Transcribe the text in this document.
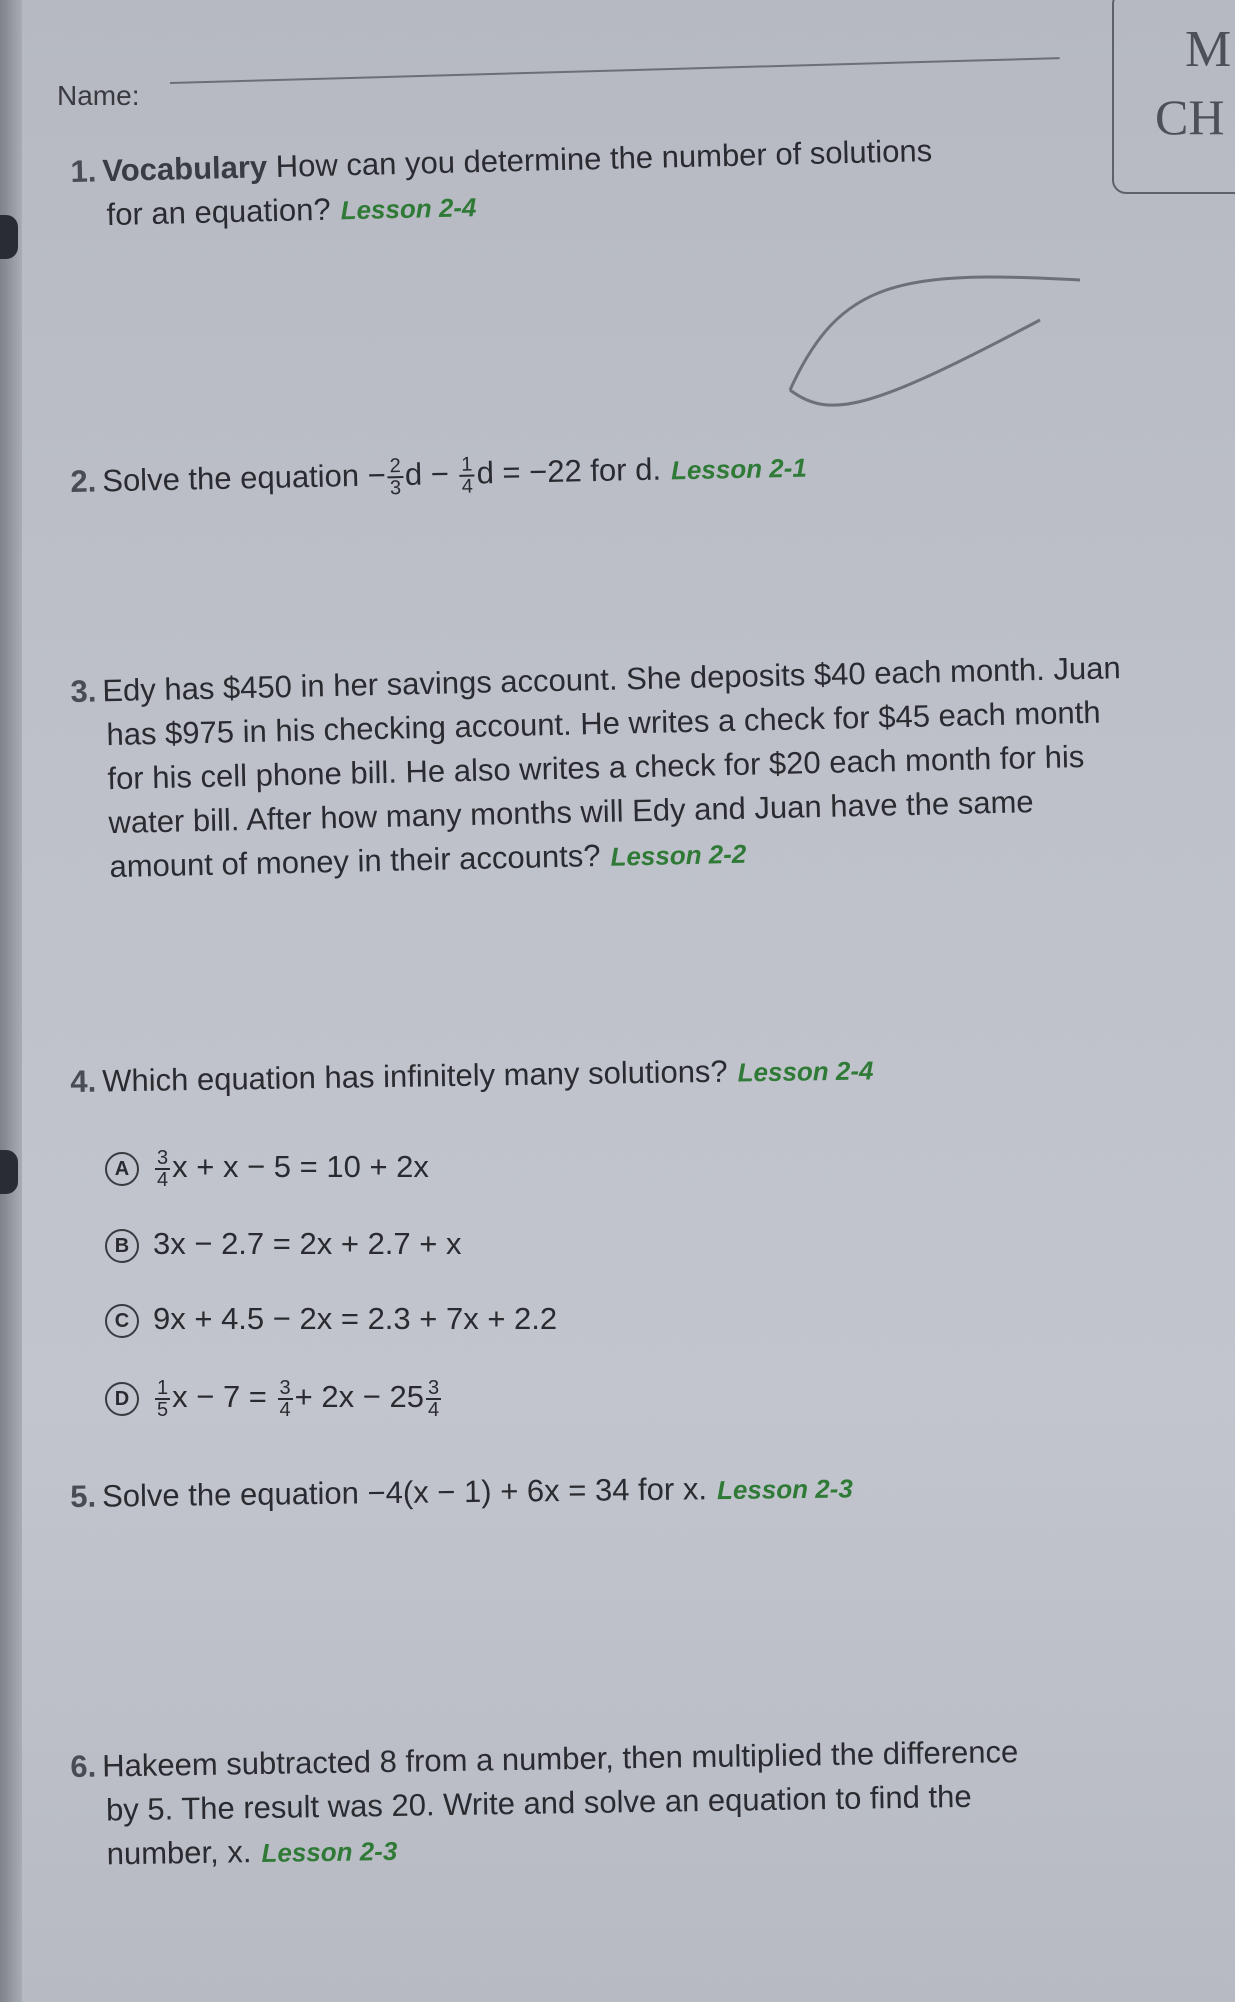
Name:
M
CH
1. Vocabulary How can you determine the number of solutions
for an equation? Lesson 2-4
2. Solve the equation − $\frac{2}{3}$ $d - \frac{1}{4}$ d = −22 for d. Lesson 2-1
3. Edy has $450 in her savings account. She deposits $40 each month. Juan
has $975 in his checking account. He writes a check for $45 each month
for his cell phone bill. He also writes a check for $20 each month for his
water bill. After how many months will Edy and Juan have the same
amount of money in their accounts? Lesson 2-2
4. Which equation has infinitely many solutions? Lesson 2-4
A $\frac{3}{4}$ x + x − 5 = 10 + 2x
B 3x − 2.7 = 2x + 2.7 + x
C 9x + 4.5 − 2x = 2.3 + 7x + 2.2
D $\frac{1}{5}$ $x - 7 = \frac{3}{4} + 2x - 25 \frac{3}{4}$
5. Solve the equation −4(x − 1) + 6x = 34 for x. Lesson 2-3
6. Hakeem subtracted 8 from a number, then multiplied the difference
by 5. The result was 20. Write and solve an equation to find the
number, x. Lesson 2-3
